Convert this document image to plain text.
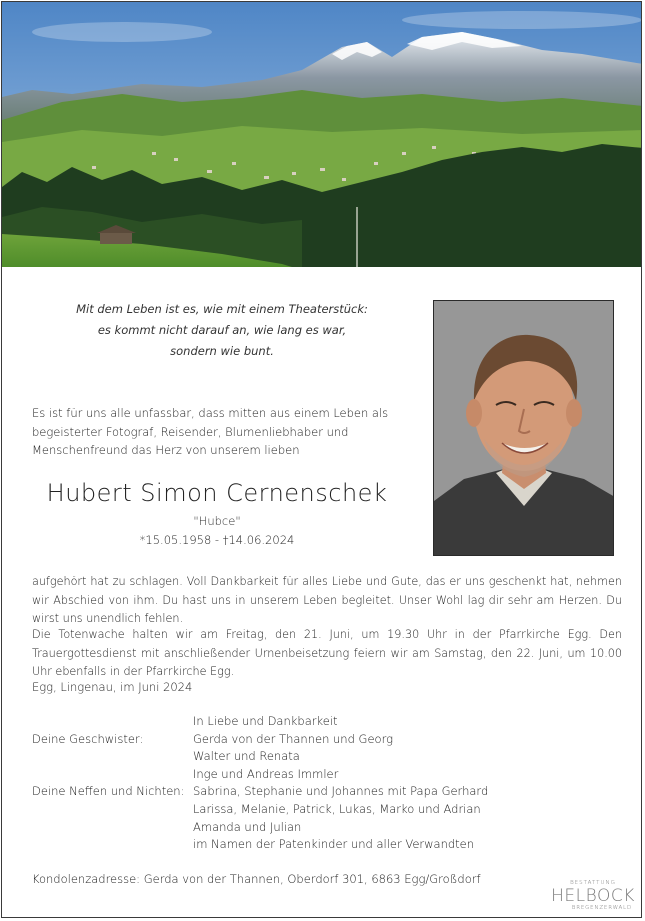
Mit dem Leben ist es, wie mit einem Theaterstück:
es kommt nicht darauf an, wie lang es war,
sondern wie bunt.
Es ist für uns alle unfassbar, dass mitten aus einem Leben als begeisterter Fotograf, Reisender, Blumenliebhaber und Menschenfreund das Herz von unserem lieben
Hubert Simon Cernenschek
"Hubce"
*15.05.1958 - †14.06.2024
aufgehört hat zu schlagen. Voll Dankbarkeit für alles Liebe und Gute, das er uns geschenkt hat, nehmen wir Abschied von ihm. Du hast uns in unserem Leben begleitet. Unser Wohl lag dir sehr am Herzen. Du wirst uns unendlich fehlen.
Die Totenwache halten wir am Freitag, den 21. Juni, um 19.30 Uhr in der Pfarrkirche Egg. Den Trauergottesdienst mit anschließender Urnenbeisetzung feiern wir am Samstag, den 22. Juni, um 10.00 Uhr ebenfalls in der Pfarrkirche Egg.
Egg, Lingenau, im Juni 2024
In Liebe und Dankbarkeit
Deine Geschwister:	Gerda von der Thannen und Georg
Walter und Renata
Inge und Andreas Immler
Deine Neffen und Nichten: Sabrina, Stephanie und Johannes mit Papa Gerhard
Larissa, Melanie, Patrick, Lukas, Marko und Adrian
Amanda und Julian
im Namen der Patenkinder und aller Verwandten
Kondolenzadresse: Gerda von der Thannen, Oberdorf 301, 6863 Egg/Großdorf	BESTATTUNG
HELBOCK
BREGENZERWALD
